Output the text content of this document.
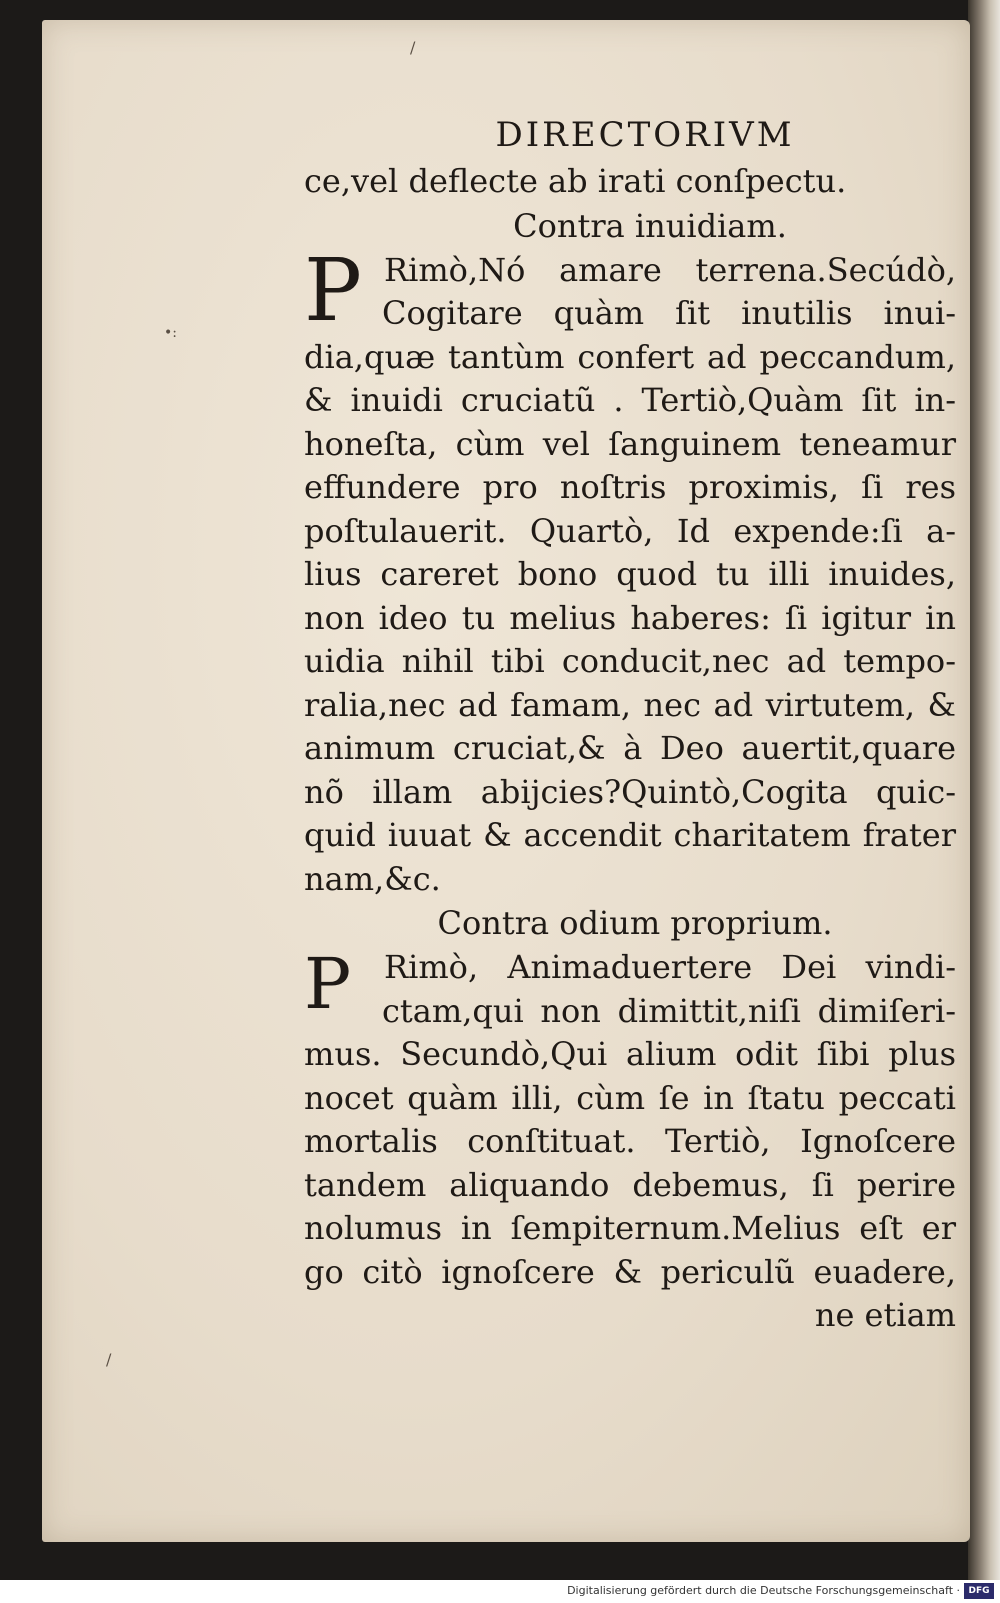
/
•:
/
DIRECTORIVM
ce,vel deflecte ab irati conſpectu.
Contra inuidiam.
P Rimò,Nó amare terrena.Secúdò,
Cogitare quàm ſit inutilis inui-
dia,quæ tantùm confert ad peccandum,
& inuidi cruciatũ . Tertiò,Quàm ſit in-
honeſta, cùm vel ſanguinem teneamur
effundere pro noſtris proximis, ſi res
poſtulauerit. Quartò, Id expende:ſi a-
lius careret bono quod tu illi inuides,
non ideo tu melius haberes: ſi igitur in
uidia nihil tibi conducit,nec ad tempo-
ralia,nec ad famam, nec ad virtutem, &
animum cruciat,& à Deo auertit,quare
nõ illam abijcies?Quintò,Cogita quic-
quid iuuat & accendit charitatem frater
nam,&c.
Contra odium proprium.
P	Rimò, Animaduertere Dei vindi-
ctam,qui non dimittit,niſi dimiſeri-
mus. Secundò,Qui alium odit ſibi plus
nocet quàm illi, cùm ſe in ſtatu peccati
mortalis conſtituat. Tertiò, Ignoſcere
tandem aliquando debemus, ſi perire
nolumus in ſempiternum.Melius eſt er
go citò ignoſcere & periculũ euadere,
ne etiam
Digitalisierung gefördert durch die Deutsche Forschungsgemeinschaft · DFG
